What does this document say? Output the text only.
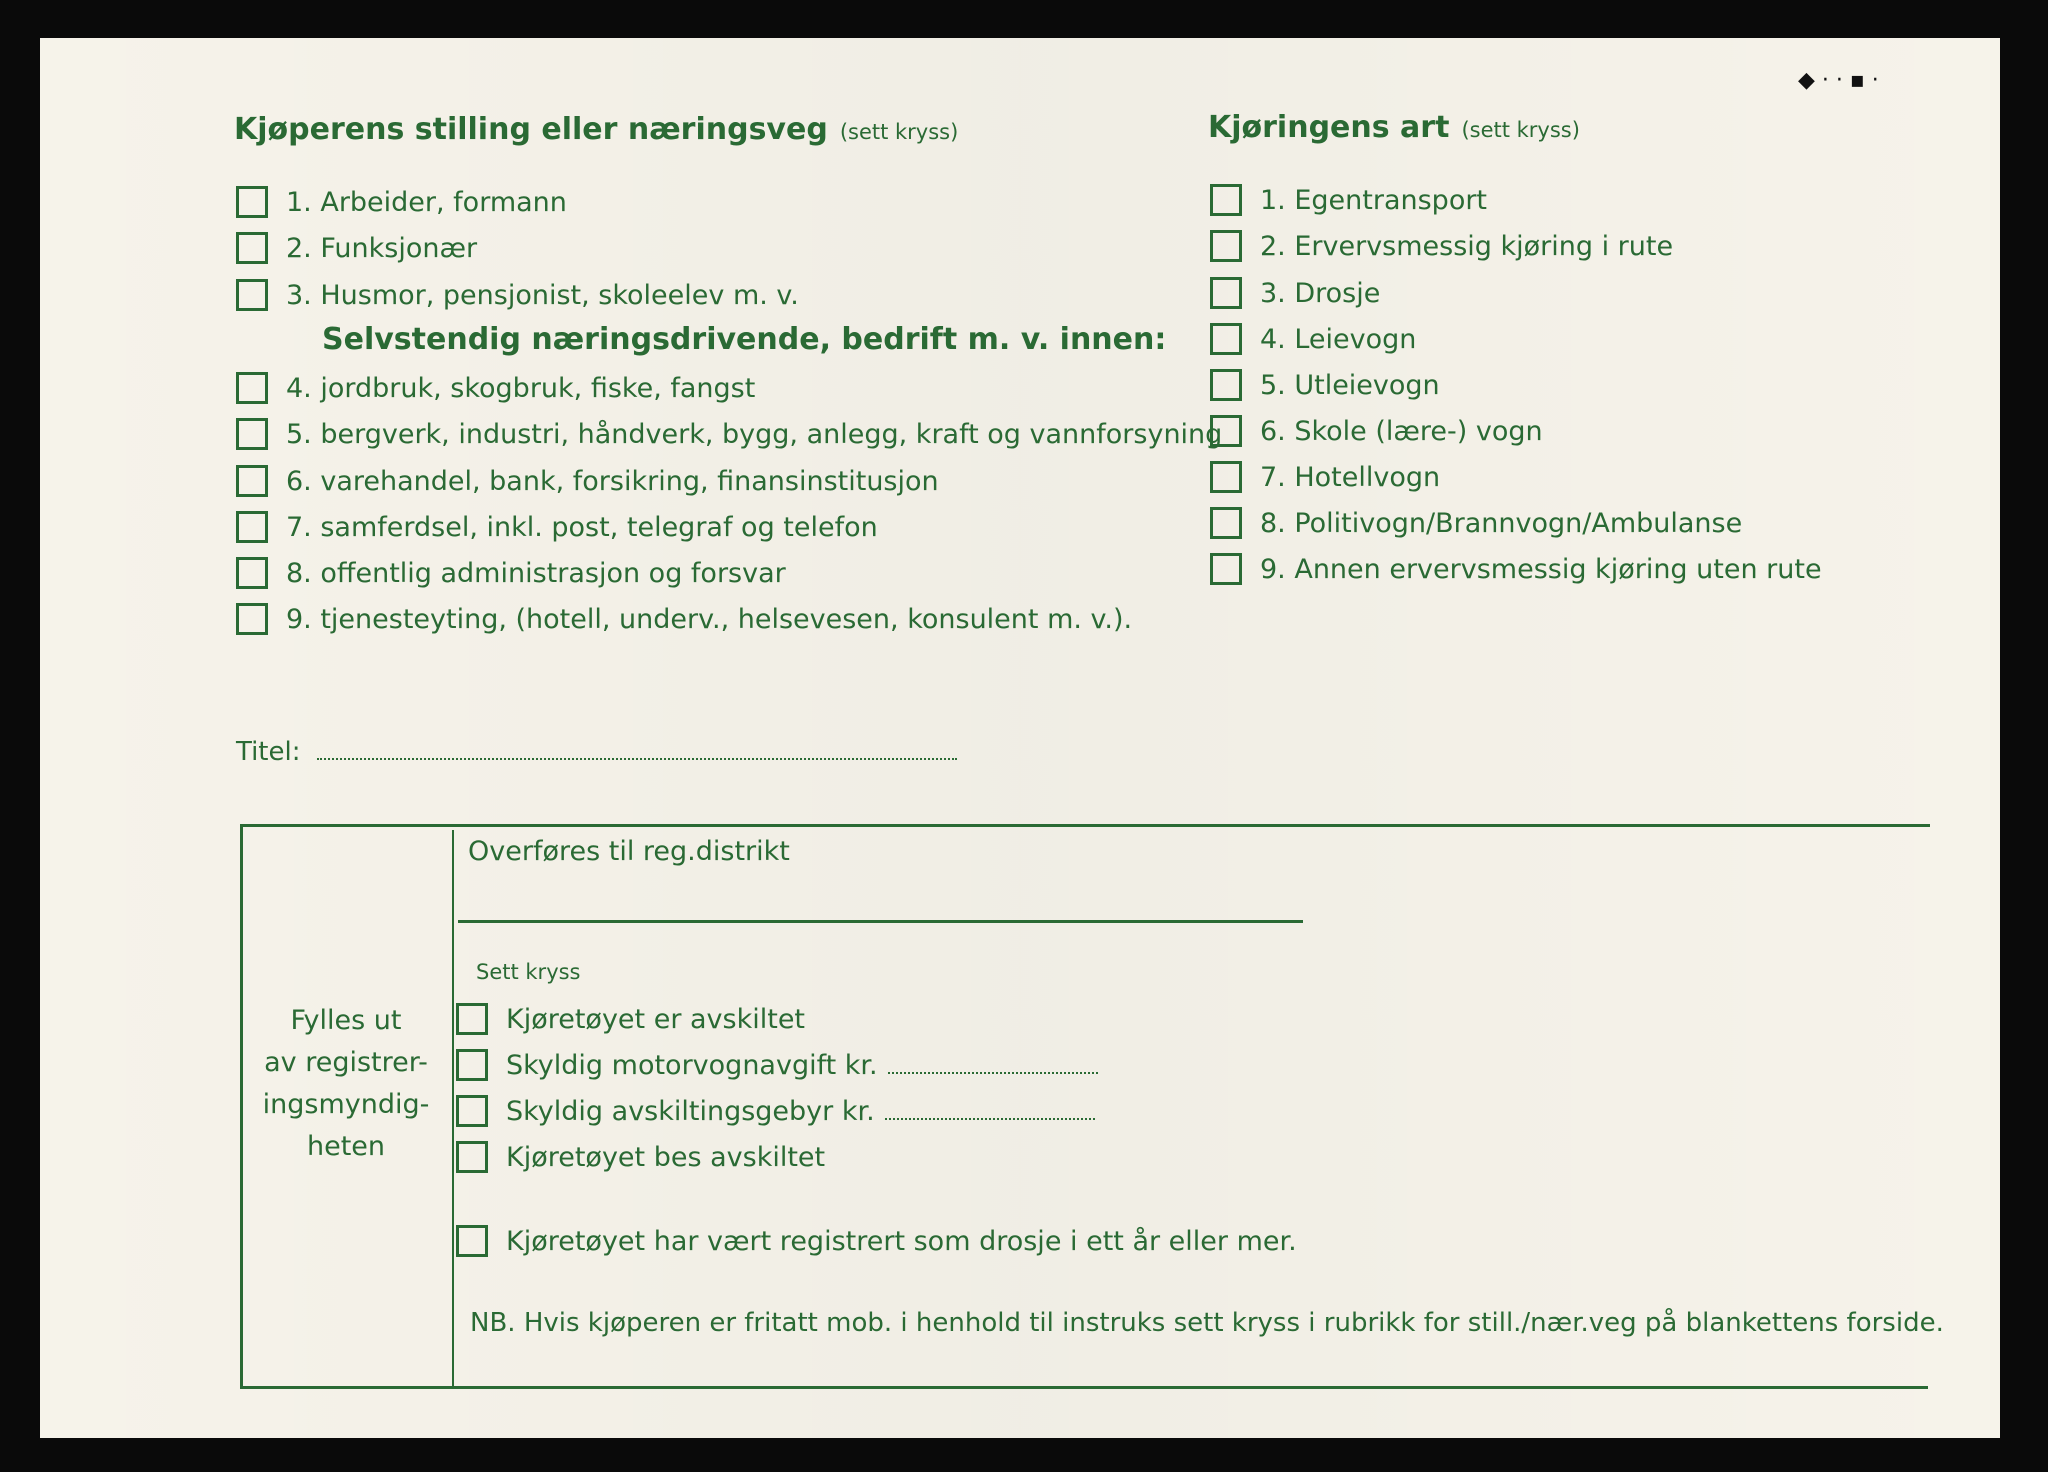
Kjøperens stilling eller næringsveg (sett kryss)
1. Arbeider, formann
2. Funksjonær
3. Husmor, pensjonist, skoleelev m. v.
Selvstendig næringsdrivende, bedrift m. v. innen:
4. jordbruk, skogbruk, fiske, fangst
5. bergverk, industri, håndverk, bygg, anlegg, kraft og vannforsyning
6. varehandel, bank, forsikring, finansinstitusjon
7. samferdsel, inkl. post, telegraf og telefon
8. offentlig administrasjon og forsvar
9. tjenesteyting, (hotell, underv., helsevesen, konsulent m. v.).
Kjøringens art (sett kryss)
1. Egentransport
2. Ervervsmessig kjøring i rute
3. Drosje
4. Leievogn
5. Utleievogn
6. Skole (lære-) vogn
7. Hotellvogn
8. Politivogn/Brannvogn/Ambulanse
9. Annen ervervsmessig kjøring uten rute
Titel:
Fylles ut
av registrer-
ingsmyndig-
heten
Overføres til reg.distrikt
Sett kryss
Kjøretøyet er avskiltet
Skyldig motorvognavgift kr.
Skyldig avskiltingsgebyr kr.
Kjøretøyet bes avskiltet
Kjøretøyet har vært registrert som drosje i ett år eller mer.
NB. Hvis kjøperen er fritatt mob. i henhold til instruks sett kryss i rubrikk for still./nær.veg på blankettens forside.
◆ · · ▪ ·
